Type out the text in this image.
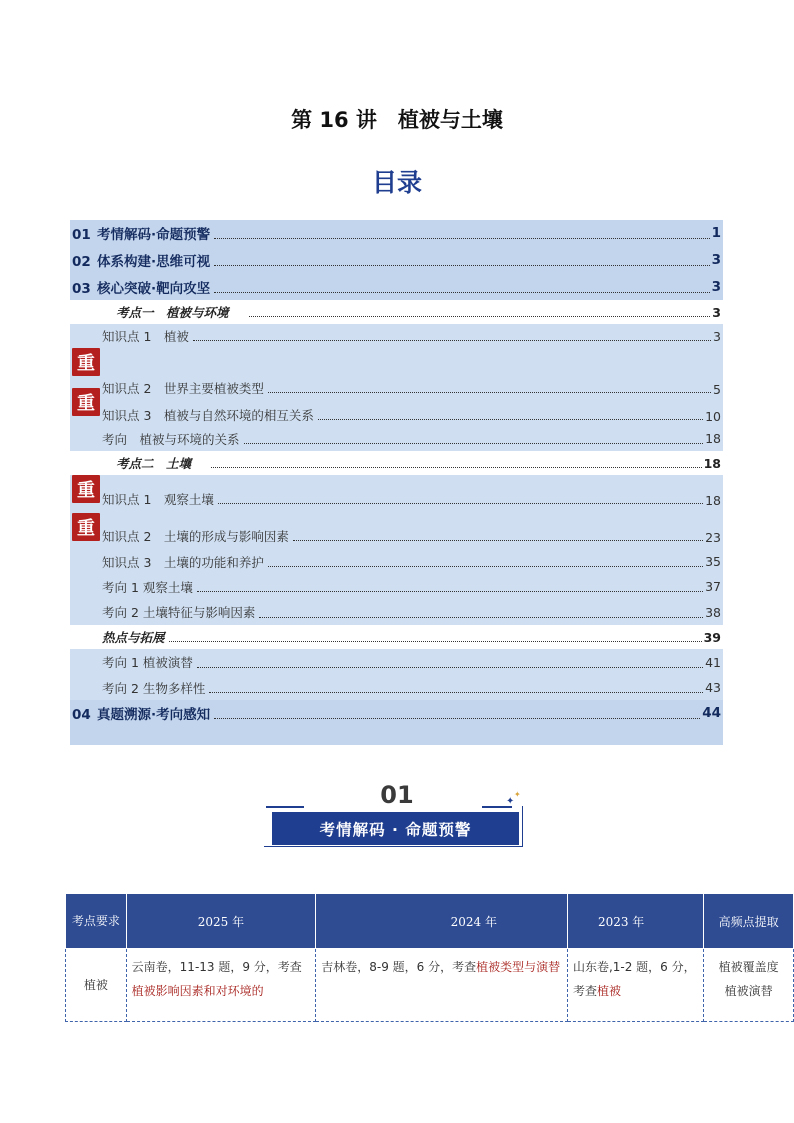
第 16 讲　植被与土壤
目录
01 考情解码·命题预警	1
02 体系构建·思维可视	3
03 核心突破·靶向攻坚	3
考点一　植被与环境	3
知识点 1　植被	3
知识点 2　世界主要植被类型	5
知识点 3　植被与自然环境的相互关系	10
考向　植被与环境的关系	18
考点二　土壤	18
知识点 1　观察土壤	18
知识点 2　土壤的形成与影响因素	23
知识点 3　土壤的功能和养护	35
考向 1 观察土壤	37
考向 2 土壤特征与影响因素	38
热点与拓展	39
考向 1 植被演替	41
考向 2 生物多样性	43
04 真题溯源·考向感知	44
重
重
重
重
01	✦
✦
考情解码 · 命题预警
考点要求	2025 年	2024 年	2023 年	高频点提取
植被	云南卷，11-13 题，9 分，考查植被影响因素和对环境的	吉林卷，8-9 题，6 分，考查植被类型与演替	山东卷,1-2 题，6 分，考查植被	植被覆盖度
植被演替
